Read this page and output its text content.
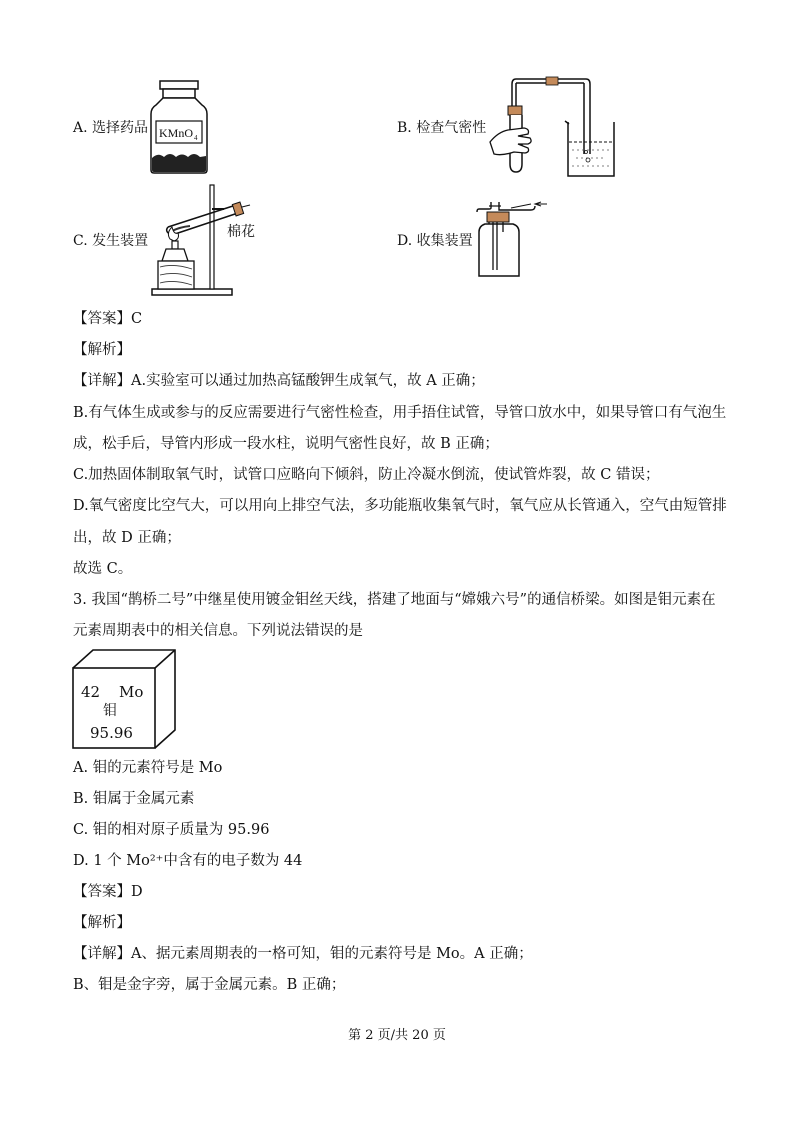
A. 选择药品	B. 检查气密性
C. 发生装置	D. 收集装置
KMnO 4
棉花
【答案】C
【解析】
【详解】A.实验室可以通过加热高锰酸钾生成氧气，故 A 正确；
B.有气体生成或参与的反应需要进行气密性检查，用手捂住试管，导管口放水中，如果导管口有气泡生
成，松手后，导管内形成一段水柱，说明气密性良好，故 B 正确；
C.加热固体制取氧气时，试管口应略向下倾斜，防止冷凝水倒流，使试管炸裂，故 C 错误；
D.氧气密度比空气大，可以用向上排空气法，多功能瓶收集氧气时，氧气应从长管通入，空气由短管排
出，故 D 正确；
故选 C。
3. 我国“鹊桥二号”中继星使用镀金钼丝天线，搭建了地面与“嫦娥六号”的通信桥梁。如图是钼元素在
元素周期表中的相关信息。下列说法错误的是
42 Mo
钼
95.96
A. 钼的元素符号是 Mo
B. 钼属于金属元素
C. 钼的相对原子质量为 95.96
D. 1 个 Mo²⁺中含有的电子数为 44
【答案】D
【解析】
【详解】A、据元素周期表的一格可知，钼的元素符号是 Mo。A 正确；
B、钼是金字旁，属于金属元素。B 正确；
第 2 页/共 20 页
